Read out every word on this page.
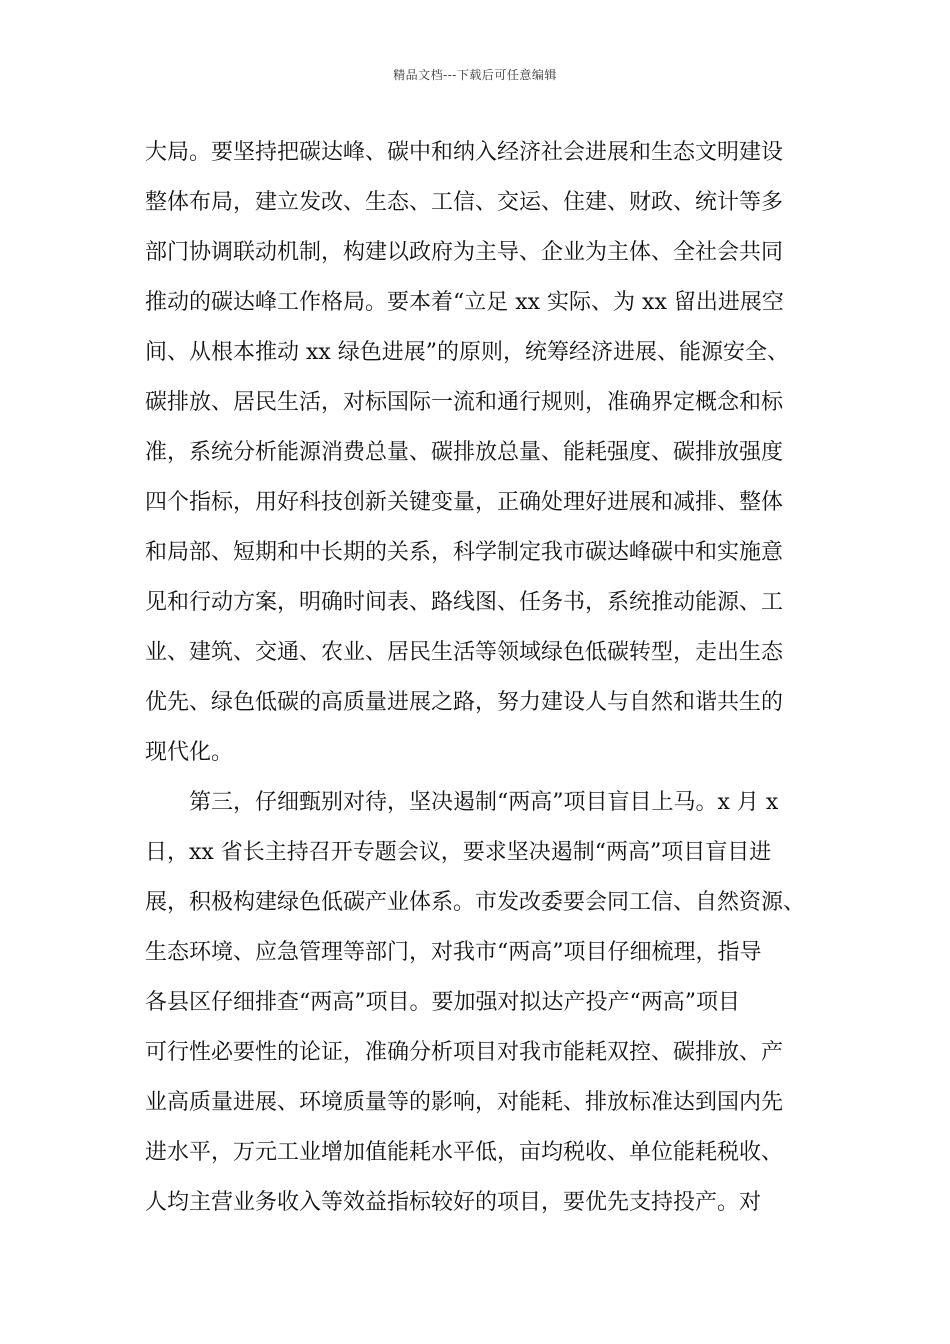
精品文档---下载后可任意编辑
大局。要坚持把碳达峰、碳中和纳入经济社会进展和生态文明建设
整体布局，建立发改、生态、工信、交运、住建、财政、统计等多
部门协调联动机制，构建以政府为主导、企业为主体、全社会共同
推动的碳达峰工作格局。要本着“立足 xx 实际、为 xx 留出进展空
间、从根本推动 xx 绿色进展”的原则，统筹经济进展、能源安全、
碳排放、居民生活，对标国际一流和通行规则，准确界定概念和标
准，系统分析能源消费总量、碳排放总量、能耗强度、碳排放强度
四个指标，用好科技创新关键变量，正确处理好进展和减排、整体
和局部、短期和中长期的关系，科学制定我市碳达峰碳中和实施意
见和行动方案，明确时间表、路线图、任务书，系统推动能源、工
业、建筑、交通、农业、居民生活等领域绿色低碳转型，走出生态
优先、绿色低碳的高质量进展之路，努力建设人与自然和谐共生的
现代化。
第三，仔细甄别对待，坚决遏制“两高”项目盲目上马。x 月 x
日，xx 省长主持召开专题会议，要求坚决遏制“两高”项目盲目进
展，积极构建绿色低碳产业体系。市发改委要会同工信、自然资源、
生态环境、应急管理等部门，对我市“两高”项目仔细梳理，指导
各县区仔细排查“两高”项目。要加强对拟达产投产“两高”项目
可行性必要性的论证，准确分析项目对我市能耗双控、碳排放、产
业高质量进展、环境质量等的影响，对能耗、排放标准达到国内先
进水平，万元工业增加值能耗水平低，亩均税收、单位能耗税收、
人均主营业务收入等效益指标较好的项目，要优先支持投产。对
